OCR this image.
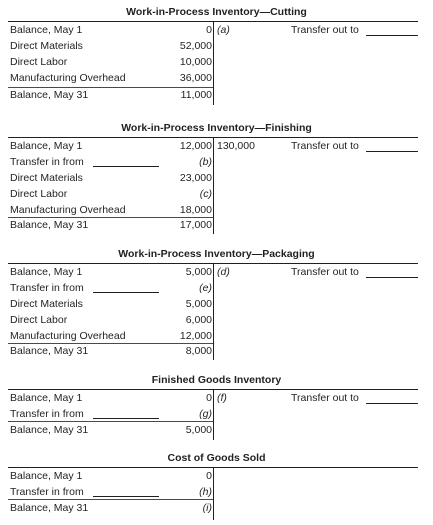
Work-in-Process Inventory—Cutting
Balance, May 1	0 (a)	Transfer out to
Direct Materials	52,000
Direct Labor	10,000
Manufacturing Overhead	36,000
Balance, May 31	11,000
Work-in-Process Inventory—Finishing
Balance, May 1	12,000 130,000	Transfer out to
Transfer in from	(b)
Direct Materials	23,000
Direct Labor	(c)
Manufacturing Overhead	18,000
Balance, May 31	17,000
Work-in-Process Inventory—Packaging
Balance, May 1	5,000 (d)	Transfer out to
Transfer in from	(e)
Direct Materials	5,000
Direct Labor	6,000
Manufacturing Overhead	12,000
Balance, May 31	8,000
Finished Goods Inventory
Balance, May 1	0 (f)	Transfer out to
Transfer in from	(g)
Balance, May 31	5,000
Cost of Goods Sold
Balance, May 1	0
Transfer in from	(h)
Balance, May 31	(i)
